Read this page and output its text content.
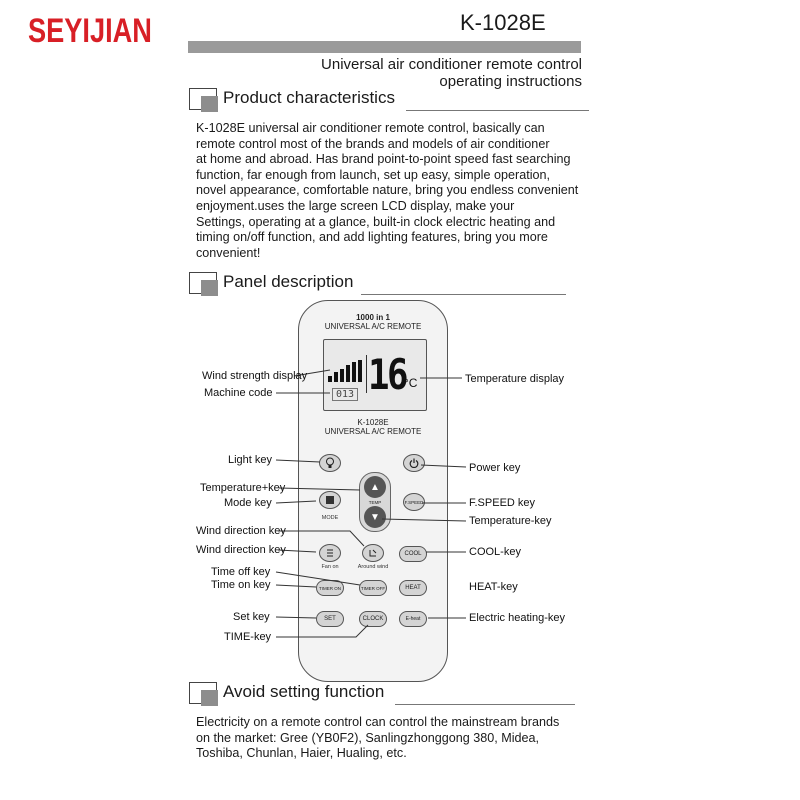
SEYIJIAN	K-1028E
Universal air conditioner remote control
operating instructions
Product characteristics

K-1028E universal air conditioner remote control, basically can

remote control most of the brands and models of air conditioner

at home and abroad. Has brand point-to-point speed fast searching

function, far enough from launch, set up easy, simple operation,

novel appearance, comfortable nature, bring you endless convenient

enjoyment.uses the large screen LCD display, make your

Settings, operating at a glance, built-in clock electric heating and

timing on/off function, and add lighting features, bring you more

convenient!

Panel description
1000 in 1
UNIVERSAL A/C REMOTE
013 16
°C
K-1028E
UNIVERSAL A/C REMOTE
MODE
▲
TEMP
▼
F.SPEED
Fan on	Around wind
COOL
TIMER ON	TIMER OFF	HEAT
SET	CLOCK	E-heat
Wind strength display
Machine code
Temperature display
Light key
Power key
Temperature+key
Mode key	F.SPEED key
Temperature-key
Wind direction key
Wind direction key	COOL-key
Time off key
Time on key	HEAT-key
Set key	Electric heating-key
TIME-key
Avoid setting function

Electricity on a remote control can control the mainstream brands

on the market: Gree (YB0F2), Sanlingzhonggong 380, Midea,

Toshiba, Chunlan, Haier, Hualing, etc.
